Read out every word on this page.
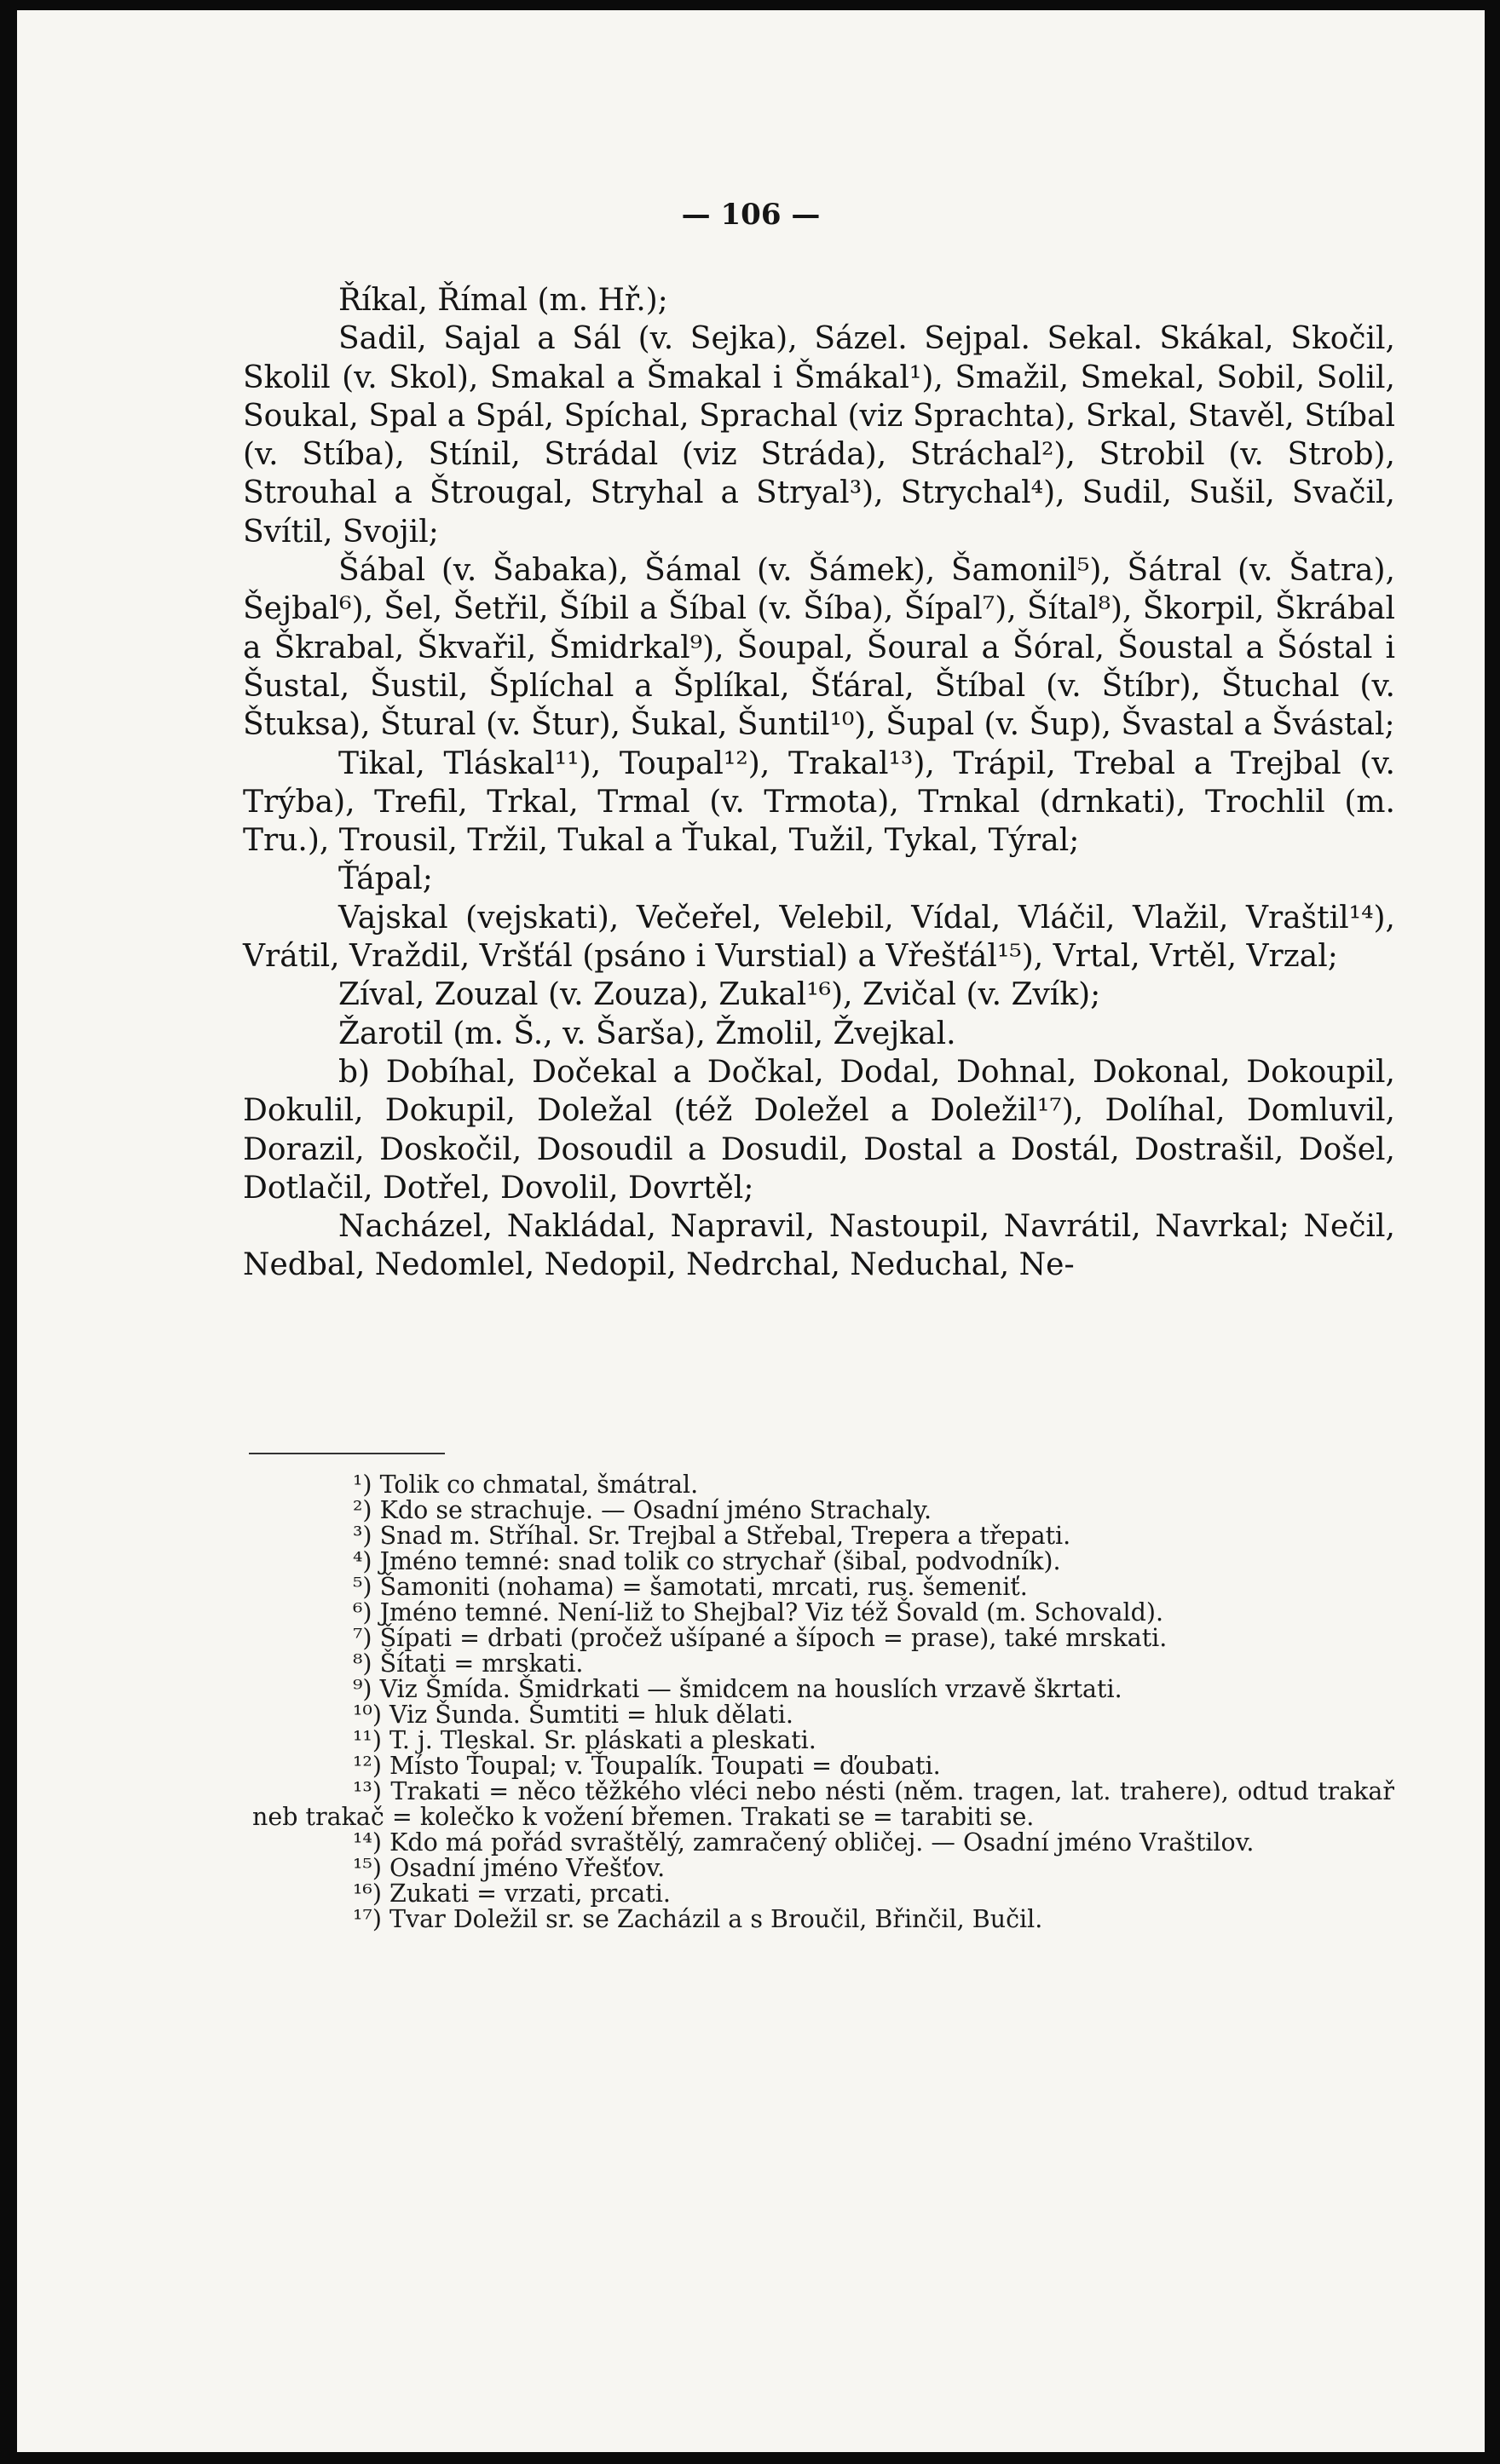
— 106 —

Říkal, Římal (m. Hř.);

Sadil, Sajal a Sál (v. Sejka), Sázel. Sejpal. Sekal. Skákal, Skočil, Skolil (v. Skol), Smakal a Šmakal i Šmákal¹), Smažil, Smekal, Sobil, Solil, Soukal, Spal a Spál, Spíchal, Sprachal (viz Sprachta), Srkal, Stavěl, Stíbal (v. Stíba), Stínil, Strádal (viz Stráda), Stráchal²), Strobil (v. Strob), Strouhal a Štrougal, Stryhal a Stryal³), Strychal⁴), Sudil, Sušil, Svačil, Svítil, Svojil;

Šábal (v. Šabaka), Šámal (v. Šámek), Šamonil⁵), Šátral (v. Šatra), Šejbal⁶), Šel, Šetřil, Šíbil a Šíbal (v. Šíba), Šípal⁷), Šítal⁸), Škorpil, Škrábal a Škrabal, Škvařil, Šmidrkal⁹), Šoupal, Šoural a Šóral, Šoustal a Šóstal i Šustal, Šustil, Šplíchal a Šplíkal, Šťáral, Štíbal (v. Štíbr), Štuchal (v. Štuksa), Štural (v. Štur), Šukal, Šuntil¹⁰), Šupal (v. Šup), Švastal a Švástal;

Tikal, Tláskal¹¹), Toupal¹²), Trakal¹³), Trápil, Trebal a Trejbal (v. Trýba), Trefil, Trkal, Trmal (v. Trmota), Trnkal (drnkati), Trochlil (m. Tru.), Trousil, Tržil, Tukal a Ťukal, Tužil, Tykal, Týral;

Ťápal;

Vajskal (vejskati), Večeřel, Velebil, Vídal, Vláčil, Vlažil, Vraštil¹⁴), Vrátil, Vraždil, Vršťál (psáno i Vurstial) a Vřešťál¹⁵), Vrtal, Vrtěl, Vrzal;

Zíval, Zouzal (v. Zouza), Zukal¹⁶), Zvičal (v. Zvík);

Žarotil (m. Š., v. Šarša), Žmolil, Žvejkal.

b) Dobíhal, Dočekal a Dočkal, Dodal, Dohnal, Dokonal, Dokoupil, Dokulil, Dokupil, Doležal (též Doležel a Doležil¹⁷), Dolíhal, Domluvil, Dorazil, Doskočil, Dosoudil a Dosudil, Dostal a Dostál, Dostrašil, Došel, Dotlačil, Dotřel, Dovolil, Dovrtěl;

Nacházel, Nakládal, Napravil, Nastoupil, Navrátil, Navrkal; Nečil, Nedbal, Nedomlel, Nedopil, Nedrchal, Neduchal, Ne-

¹) Tolik co chmatal, šmátral.

²) Kdo se strachuje. — Osadní jméno Strachaly.

³) Snad m. Stříhal. Sr. Trejbal a Střebal, Trepera a třepati.

⁴) Jméno temné: snad tolik co strychař (šibal, podvodník).

⁵) Šamoniti (nohama) = šamotati, mrcati, rus. šemeniť.

⁶) Jméno temné. Není-liž to Shejbal? Viz též Šovald (m. Schovald).

⁷) Šípati = drbati (pročež ušípané a šípoch = prase), také mrskati.

⁸) Šítati = mrskati.

⁹) Viz Šmída. Šmidrkati — šmidcem na houslích vrzavě škrtati.

¹⁰) Viz Šunda. Šumtiti = hluk dělati.

¹¹) T. j. Tleskal. Sr. pláskati a pleskati.

¹²) Místo Ťoupal; v. Ťoupalík. Toupati = ďoubati.

¹³) Trakati = něco těžkého vléci nebo nésti (něm. tragen, lat. trahere), odtud trakař neb trakač = kolečko k vožení břemen. Trakati se = tarabiti se.

¹⁴) Kdo má pořád svraštělý, zamračený obličej. — Osadní jméno Vraštilov.

¹⁵) Osadní jméno Vřešťov.

¹⁶) Zukati = vrzati, prcati.

¹⁷) Tvar Doležil sr. se Zacházil a s Broučil, Břinčil, Bučil.
